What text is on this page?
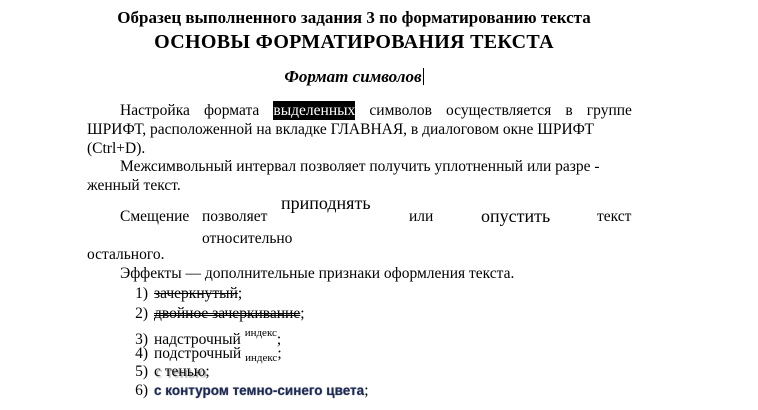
Образец выполненного задания 3 по форматированию текста
ОСНОВЫ ФОРМАТИРОВАНИЯ ТЕКСТА
Формат символов
Настройка формата выделенных символов осуществляется в группе
ШРИФТ, расположенной на вкладке ГЛАВНАЯ, в диалоговом окне ШРИФТ
(Ctrl+D).
Межсимвольный интервал позволяет получить уплотненный или разре -
женный текст.
Смещение позволяет
приподнять
или	опустить	текст
относительно
остального.
Эффекты — дополнительные признаки оформления текста.
1) зачеркнутый;
2) двойное зачеркивание;
3) надстрочный $^{индекс}$;
4) подстрочный $_{индекс}$;
5) с тенью;
6) с контуром темно-синего цвета;
